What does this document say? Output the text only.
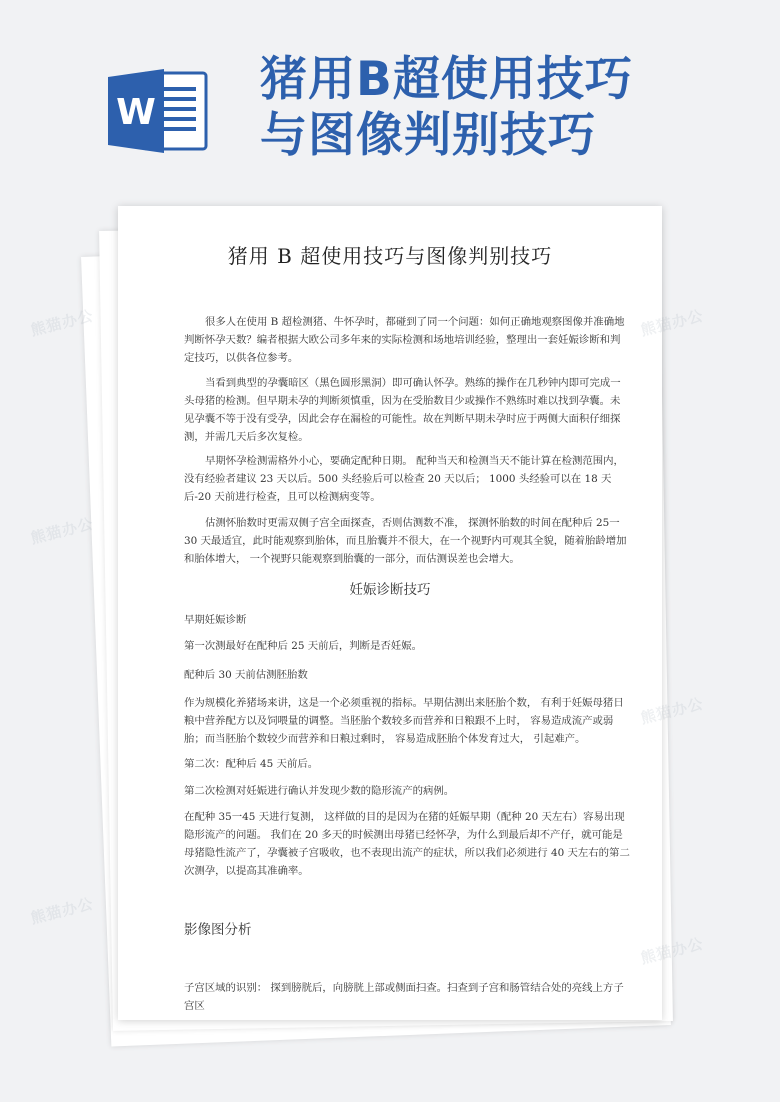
W
猪用B超使用技巧
与图像判别技巧
猪用 B 超使用技巧与图像判别技巧

很多人在使用 B 超检测猪、牛怀孕时，都碰到了同一个问题：如何正确地观察图像并准确地判断怀孕天数？编者根据大欧公司多年来的实际检测和场地培训经验，整理出一套妊娠诊断和判定技巧，以供各位参考。

当看到典型的孕囊暗区（黑色圆形黑洞）即可确认怀孕。熟练的操作在几秒钟内即可完成一头母猪的检测。但早期未孕的判断须慎重，因为在受胎数目少或操作不熟练时难以找到孕囊。未见孕囊不等于没有受孕，因此会存在漏检的可能性。故在判断早期未孕时应于两侧大面积仔细探测，并需几天后多次复检。

早期怀孕检测需格外小心，要确定配种日期。 配种当天和检测当天不能计算在检测范围内， 没有经验者建议 23 天以后。500 头经验后可以检查 20 天以后； 1000 头经验可以在 18 天后-20 天前进行检查，且可以检测病变等。

估测怀胎数时更需双侧子宫全面探查，否则估测数不准， 探测怀胎数的时间在配种后 25一30 天最适宜，此时能观察到胎体，而且胎囊并不很大，在一个视野内可观其全貌，随着胎龄增加和胎体增大， 一个视野只能观察到胎囊的一部分，而估测误差也会增大。

妊娠诊断技巧
早期妊娠诊断
第一次测最好在配种后 25 天前后，判断是否妊娠。
配种后 30 天前估测胚胎数
作为规模化养猪场来讲，这是一个必须重视的指标。早期估测出来胚胎个数， 有利于妊娠母猪日粮中营养配方以及饲喂量的调整。当胚胎个数较多而营养和日粮跟不上时， 容易造成流产或弱胎；而当胚胎个数较少而营养和日粮过剩时， 容易造成胚胎个体发育过大， 引起难产。
第二次：配种后 45 天前后。
第二次检测对妊娠进行确认并发现少数的隐形流产的病例。
在配种 35一45 天进行复测， 这样做的目的是因为在猪的妊娠早期（配种 20 天左右）容易出现隐形流产的问题。 我们在 20 多天的时候测出母猪已经怀孕，为什么到最后却不产仔，就可能是母猪隐性流产了，孕囊被子宫吸收，也不表现出流产的症状，所以我们必须进行 40 天左右的第二次测孕，以提高其准确率。
影像图分析
子宫区域的识别： 探到膀胱后，向膀胱上部或侧面扫查。扫查到子宫和肠管结合处的亮线上方子宫区
熊猫办公	熊猫办公
熊猫办公
熊猫办公
熊猫办公
熊猫办公
